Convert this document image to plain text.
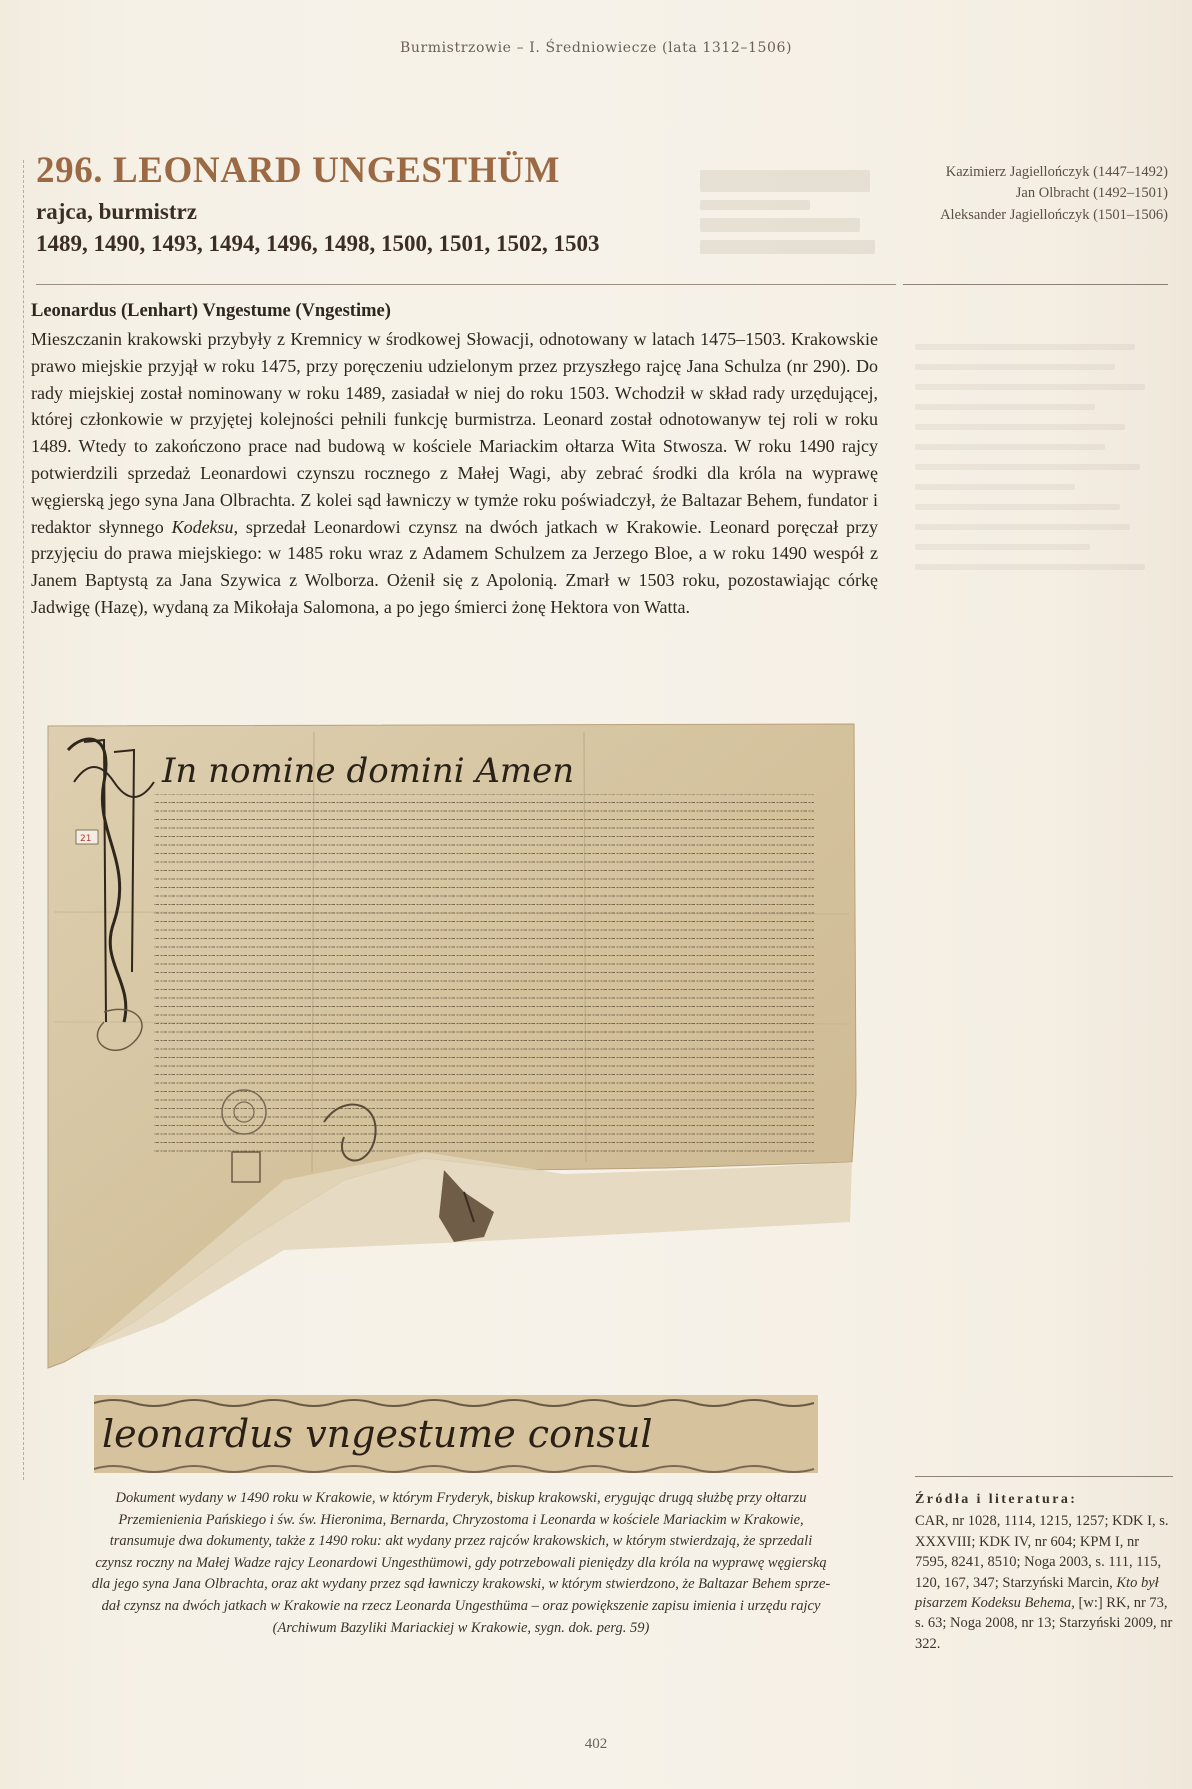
Burmistrzowie – I. Średniowiecze (lata 1312–1506)
296. LEONARD UNGESTHÜM
rajca, burmistrz
1489, 1490, 1493, 1494, 1496, 1498, 1500, 1501, 1502, 1503
Kazimierz Jagiellończyk (1447–1492)
Jan Olbracht (1492–1501)
Aleksander Jagiellończyk (1501–1506)
Leonardus (Lenhart) Vngestume (Vngestime)

Mieszczanin krakowski przybyły z Kremnicy w środkowej Słowacji, odnotowany w latach 1475–1503. Krakowskie prawo miejskie przyjął w roku 1475, przy poręczeniu udzielonym przez przyszłego rajcę Jana Schulza (nr 290). Do rady miejskiej został nominowany w roku 1489, zasiadał w niej do roku 1503. Wchodził w skład rady urzędującej, której członkowie w przyjętej kolejności pełnili funkcję burmistrza. Leonard został odnotowanyw tej roli w roku 1489. Wtedy to zakończono prace nad budową w kościele Mariackim ołtarza Wita Stwosza. W roku 1490 rajcy potwierdzili sprzedaż Leonardowi czynszu rocznego z Małej Wagi, aby zebrać środki dla króla na wyprawę węgierską jego syna Jana Olbrachta. Z kolei sąd ławniczy w tymże roku poświadczył, że Baltazar Behem, fundator i redaktor słynnego Kodeksu, sprzedał Leonardowi czynsz na dwóch jatkach w Krakowie. Leonard poręczał przy przyjęciu do prawa miejskiego: w 1485 roku wraz z Adamem Schulzem za Jerzego Bloe, a w roku 1490 wespół z Janem Baptystą za Jana Szywica z Wolborza. Ożenił się z Apolonią. Zmarł w 1503 roku, pozostawiając córkę Jadwigę (Hazę), wydaną za Mikołaja Salomona, a po jego śmierci żonę Hektora von Watta.

In nomine domini Amen
21
leonardus vngestume consul
Dokument wydany w 1490 roku w Krakowie, w którym Fryderyk, biskup krakowski, erygując drugą służbę przy ołtarzu
Przemienienia Pańskiego i św. św. Hieronima, Bernarda, Chryzostoma i Leonarda w kościele Mariackim w Krakowie,
transumuje dwa dokumenty, także z 1490 roku: akt wydany przez rajców krakowskich, w którym stwierdzają, że sprzedali
czynsz roczny na Małej Wadze rajcy Leonardowi Ungesthümowi, gdy potrzebowali pieniędzy dla króla na wyprawę węgierską
dla jego syna Jana Olbrachta, oraz akt wydany przez sąd ławniczy krakowski, w którym stwierdzono, że Baltazar Behem sprze-
dał czynsz na dwóch jatkach w Krakowie na rzecz Leonarda Ungesthüma – oraz powiększenie zapisu imienia i urzędu rajcy
(Archiwum Bazyliki Mariackiej w Krakowie, sygn. dok. perg. 59)
Źródła i literatura:

CAR, nr 1028, 1114, 1215, 1257; KDK I, s. XXXVIII; KDK IV, nr 604; KPM I, nr 7595, 8241, 8510; Noga 2003, s. 111, 115, 120, 167, 347; Starzyński Marcin, Kto był pisarzem Kodeksu Behema, [w:] RK, nr 73, s. 63; Noga 2008, nr 13; Starzyński 2009, nr 322.

402
